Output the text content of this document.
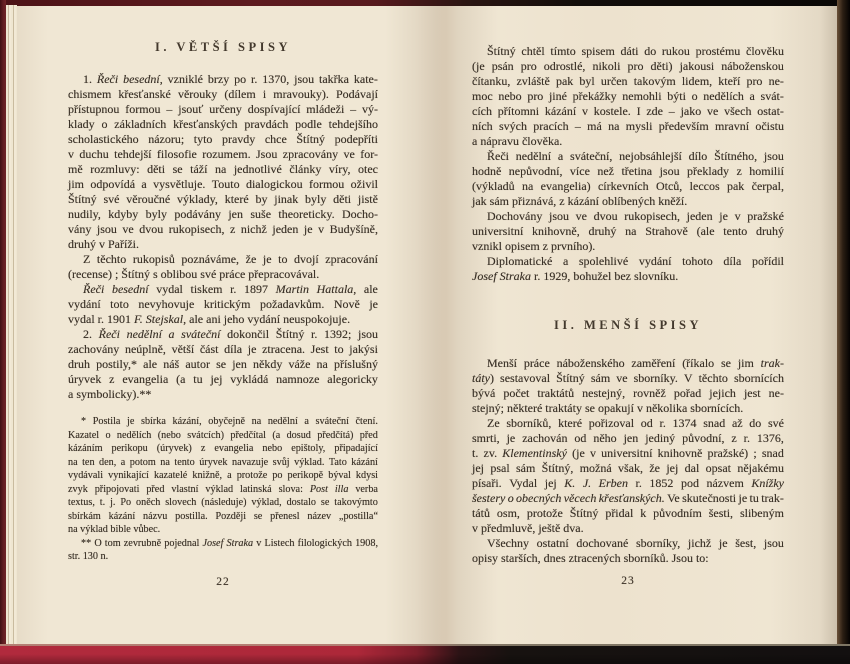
I. VĚTŠÍ SPISY
1. Řeči besední, vzniklé brzy po r. 1370, jsou takřka kate-
chismem křesťanské věrouky (dílem i mravouky). Podávají
přístupnou formou – jsouť určeny dospívající mládeži – vý-
klady o základních křesťanských pravdách podle tehdejšího
scholastického názoru; tyto pravdy chce Štítný podepříti
v duchu tehdejší filosofie rozumem. Jsou zpracovány ve for-
mě rozmluvy: děti se táží na jednotlivé články víry, otec
jim odpovídá a vysvětluje. Touto dialogickou formou oživil
Štítný své věroučné výklady, které by jinak byly děti jistě
nudily, kdyby byly podávány jen suše theoreticky. Docho-
vány jsou ve dvou rukopisech, z nichž jeden je v Budyšíně,
druhý v Paříži.
Z těchto rukopisů poznáváme, že je to dvojí zpracování
(recense) ; Štítný s oblibou své práce přepracovával.
Řeči besední vydal tiskem r. 1897 Martin Hattala, ale
vydání toto nevyhovuje kritickým požadavkům. Nově je
vydal r. 1901 F. Stejskal, ale ani jeho vydání neuspokojuje.
2. Řeči nedělní a sváteční dokončil Štítný r. 1392; jsou
zachovány neúplně, větší část díla je ztracena. Jest to jakýsi
druh postily,* ale náš autor se jen někdy váže na příslušný
úryvek z evangelia (a tu jej vykládá namnoze alegoricky
a symbolicky).**
* Postila je sbírka kázání, obyčejně na nedělní a sváteční čtení.
Kazatel o nedělích (nebo svátcích) předčítal (a dosud předčítá) před
kázáním perikopu (úryvek) z evangelia nebo epištoly, připadající
na ten den, a potom na tento úryvek navazuje svůj výklad. Tato kázání
vydávali vynikající kazatelé knižně, a protože po perikopě býval kdysi
zvyk připojovati před vlastní výklad latinská slova: Post illa verba
textus, t. j. Po oněch slovech (následuje) výklad, dostalo se takovýmto
sbírkám kázání názvu postilla. Později se přenesl název „postilla“
na výklad bible vůbec.
** O tom zevrubně pojednal Josef Straka v Listech filologických 1908,
str. 130 n.
22
Štítný chtěl tímto spisem dáti do rukou prostému člověku
(je psán pro odrostlé, nikoli pro děti) jakousi náboženskou
čítanku, zvláště pak byl určen takovým lidem, kteří pro ne-
moc nebo pro jiné překážky nemohli býti o nedělích a svát-
cích přítomni kázání v kostele. I zde – jako ve všech ostat-
ních svých pracích – má na mysli především mravní očistu
a nápravu člověka.
Řeči nedělní a sváteční, nejobsáhlejší dílo Štítného, jsou
hodně nepůvodní, více než třetina jsou překlady z homilií
(výkladů na evangelia) církevních Otců, leccos pak čerpal,
jak sám přiznává, z kázání oblíbených kněží.
Dochovány jsou ve dvou rukopisech, jeden je v pražské
universitní knihovně, druhý na Strahově (ale tento druhý
vznikl opisem z prvního).
Diplomatické a spolehlivé vydání tohoto díla pořídil
Josef Straka r. 1929, bohužel bez slovníku.
II. MENŠÍ SPISY
Menší práce náboženského zaměření (říkalo se jim trak-
táty) sestavoval Štítný sám ve sborníky. V těchto sbornících
bývá počet traktátů nestejný, rovněž pořad jejich jest ne-
stejný; některé traktáty se opakují v několika sbornících.
Ze sborníků, které pořizoval od r. 1374 snad až do své
smrti, je zachován od něho jen jediný původní, z r. 1376,
t. zv. Klementinský (je v universitní knihovně pražské) ; snad
jej psal sám Štítný, možná však, že jej dal opsat nějakému
písaři. Vydal jej K. J. Erben r. 1852 pod názvem Knížky
šestery o obecných věcech křesťanských. Ve skutečnosti je tu trak-
tátů osm, protože Štítný přidal k původním šesti, slibeným
v předmluvě, ještě dva.
Všechny ostatní dochované sborníky, jichž je šest, jsou
opisy starších, dnes ztracených sborníků. Jsou to:
23
